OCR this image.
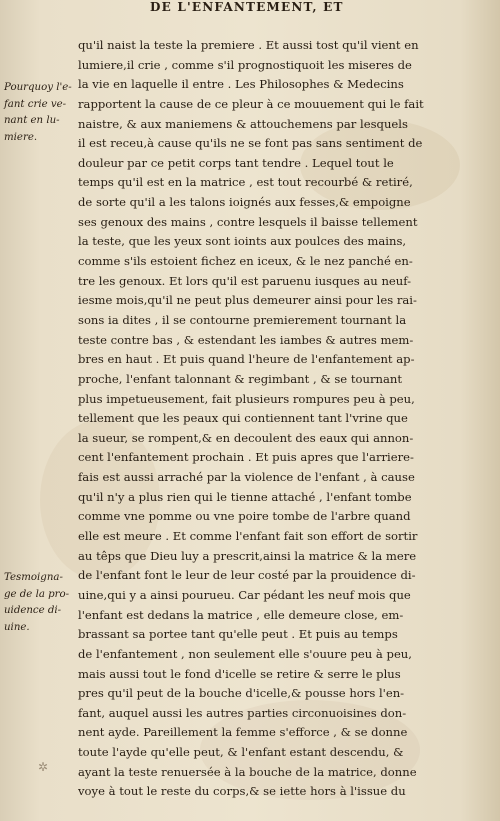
DE L'ENFANTEMENT, ET
Pourquoy l'e-
fant crie ve-
nant en lu-
miere.
Tesmoigna-
ge de la pro-
uidence di-
uine.
qu'il naist la teste la premiere . Et aussi tost qu'il vient en
lumiere,il crie , comme s'il prognostiquoit les miseres de
la vie en laquelle il entre . Les Philosophes & Medecins
rapportent la cause de ce pleur à ce mouuement qui le fait
naistre, & aux maniemens & attouchemens par lesquels
il est receu,à cause qu'ils ne se font pas sans sentiment de
douleur par ce petit corps tant tendre . Lequel tout le
temps qu'il est en la matrice , est tout recourbé & retiré,
de sorte qu'il a les talons ioignés aux fesses,& empoigne
ses genoux des mains , contre lesquels il baisse tellement
la teste, que les yeux sont ioints aux poulces des mains,
comme s'ils estoient fichez en iceux, & le nez panché en-
tre les genoux. Et lors qu'il est paruenu iusques au neuf-
iesme mois,qu'il ne peut plus demeurer ainsi pour les rai-
sons ia dites , il se contourne premierement tournant la
teste contre bas , & estendant les iambes & autres mem-
bres en haut . Et puis quand l'heure de l'enfantement ap-
proche, l'enfant talonnant & regimbant , & se tournant
plus impetueusement, fait plusieurs rompures peu à peu,
tellement que les peaux qui contiennent tant l'vrine que
la sueur, se rompent,& en decoulent des eaux qui annon-
cent l'enfantement prochain . Et puis apres que l'arriere-
fais est aussi arraché par la violence de l'enfant , à cause
qu'il n'y a plus rien qui le tienne attaché , l'enfant tombe
comme vne pomme ou vne poire tombe de l'arbre quand
elle est meure . Et comme l'enfant fait son effort de sortir
au têps que Dieu luy a prescrit,ainsi la matrice & la mere
de l'enfant font le leur de leur costé par la prouidence di-
uine,qui y a ainsi pourueu. Car pédant les neuf mois que
l'enfant est dedans la matrice , elle demeure close, em-
brassant sa portee tant qu'elle peut . Et puis au temps
de l'enfantement , non seulement elle s'ouure peu à peu,
mais aussi tout le fond d'icelle se retire & serre le plus
pres qu'il peut de la bouche d'icelle,& pousse hors l'en-
fant, auquel aussi les autres parties circonuoisines don-
nent ayde. Pareillement la femme s'efforce , & se donne
toute l'ayde qu'elle peut, & l'enfant estant descendu, &
ayant la teste renuersée à la bouche de la matrice, donne
voye à tout le reste du corps,& se iette hors à l'issue du
✲
